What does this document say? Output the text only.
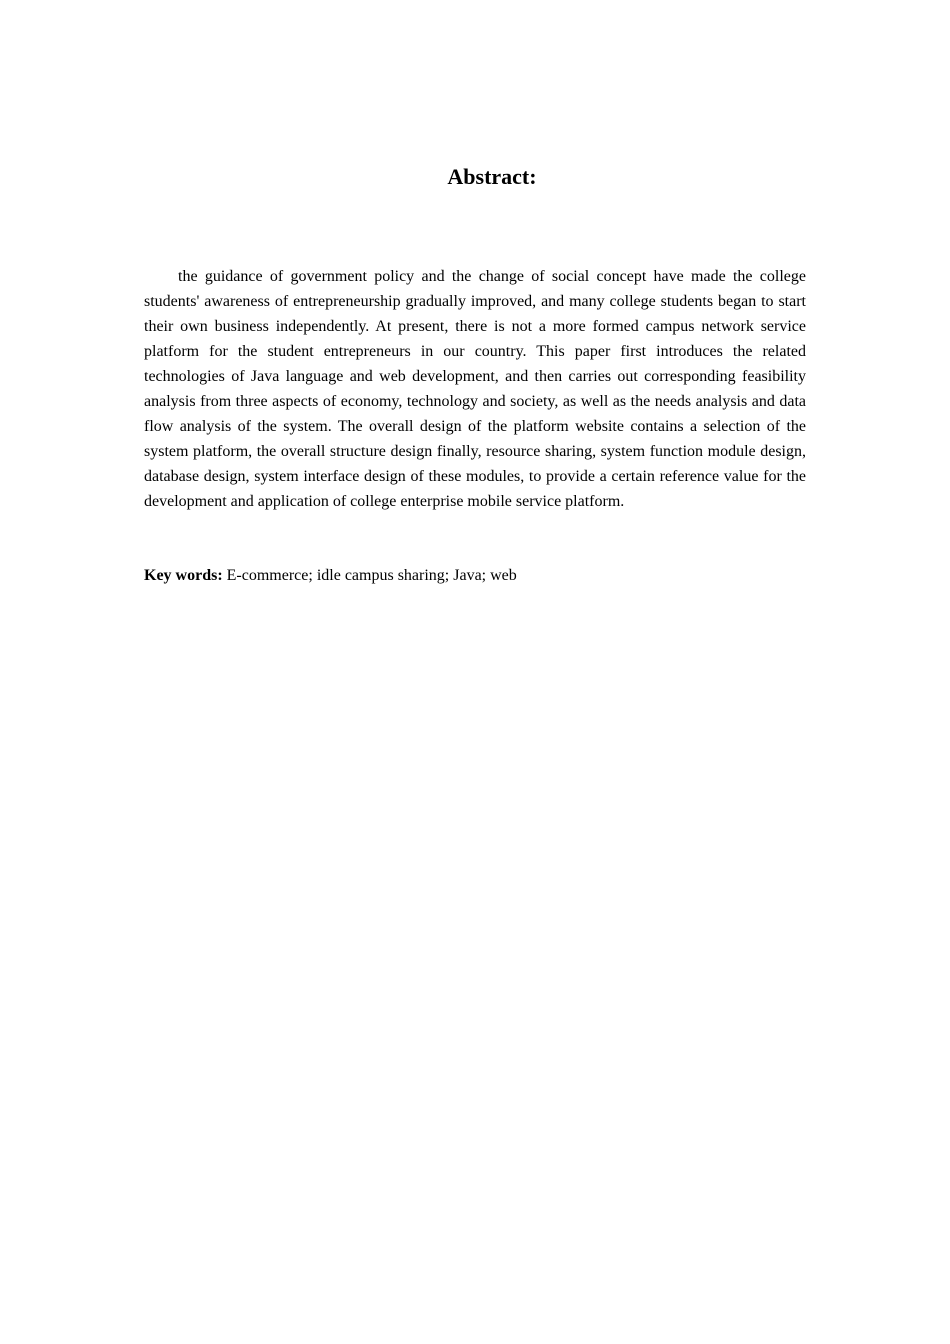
Abstract:

the guidance of government policy and the change of social concept have made the college students' awareness of entrepreneurship gradually improved, and many college students began to start their own business independently. At present, there is not a more formed campus network service platform for the student entrepreneurs in our country. This paper first introduces the related technologies of Java language and web development, and then carries out corresponding feasibility analysis from three aspects of economy, technology and society, as well as the needs analysis and data flow analysis of the system. The overall design of the platform website contains a selection of the system platform, the overall structure design finally, resource sharing, system function module design, database design, system interface design of these modules, to provide a certain reference value for the development and application of college enterprise mobile service platform.

Key words: E-commerce; idle campus sharing; Java; web
